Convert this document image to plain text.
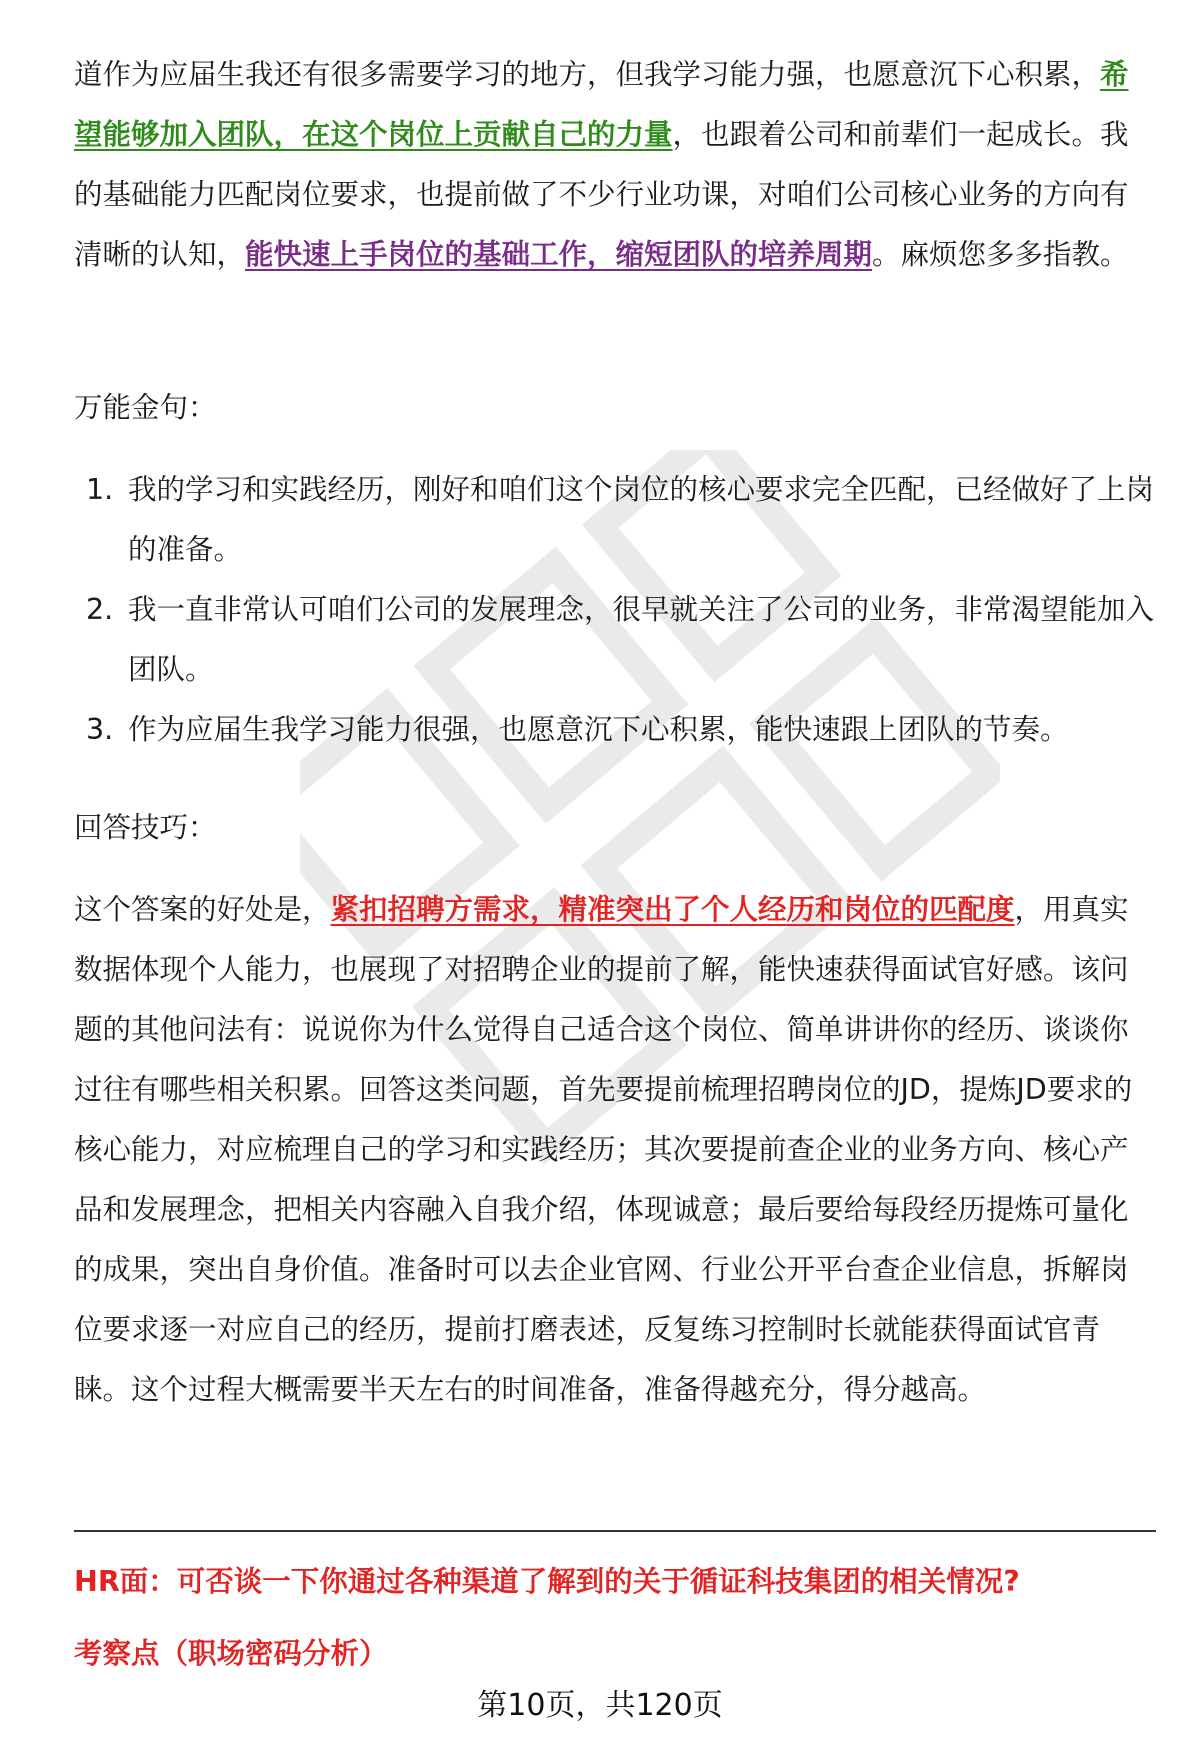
道作为应届生我还有很多需要学习的地方，但我学习能力强，也愿意沉下心积累，希望能够加入团队，在这个岗位上贡献自己的力量，也跟着公司和前辈们一起成长。我的基础能力匹配岗位要求，也提前做了不少行业功课，对咱们公司核心业务的方向有清晰的认知，能快速上手岗位的基础工作，缩短团队的培养周期。麻烦您多多指教。

万能金句：

1. 我的学习和实践经历，刚好和咱们这个岗位的核心要求完全匹配，已经做好了上岗的准备。
2. 我一直非常认可咱们公司的发展理念，很早就关注了公司的业务，非常渴望能加入团队。
3. 作为应届生我学习能力很强，也愿意沉下心积累，能快速跟上团队的节奏。

回答技巧：

这个答案的好处是，紧扣招聘方需求，精准突出了个人经历和岗位的匹配度，用真实数据体现个人能力，也展现了对招聘企业的提前了解，能快速获得面试官好感。该问题的其他问法有：说说你为什么觉得自己适合这个岗位、简单讲讲你的经历、谈谈你过往有哪些相关积累。回答这类问题，首先要提前梳理招聘岗位的JD，提炼JD要求的核心能力，对应梳理自己的学习和实践经历；其次要提前查企业的业务方向、核心产品和发展理念，把相关内容融入自我介绍，体现诚意；最后要给每段经历提炼可量化的成果，突出自身价值。准备时可以去企业官网、行业公开平台查企业信息，拆解岗位要求逐一对应自己的经历，提前打磨表述，反复练习控制时长就能获得面试官青睐。这个过程大概需要半天左右的时间准备，准备得越充分，得分越高。

HR面：可否谈一下你通过各种渠道了解到的关于循证科技集团的相关情况?

考察点（职场密码分析）

第10页，共120页
